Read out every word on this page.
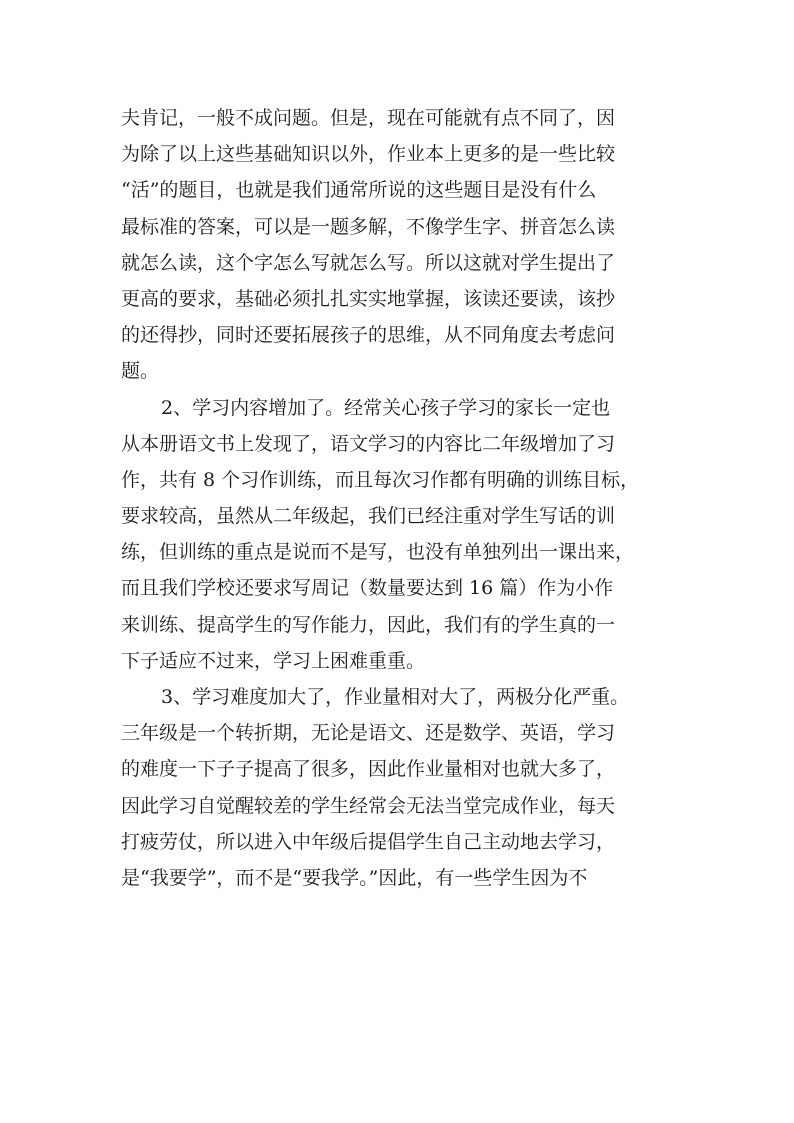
夫肯记，一般不成问题。但是，现在可能就有点不同了，因
为除了以上这些基础知识以外，作业本上更多的是一些比较
“活”的题目，也就是我们通常所说的这些题目是没有什么
最标准的答案，可以是一题多解，不像学生字、拼音怎么读
就怎么读，这个字怎么写就怎么写。所以这就对学生提出了
更高的要求，基础必须扎扎实实地掌握，该读还要读，该抄
的还得抄，同时还要拓展孩子的思维，从不同角度去考虑问
题。
2、学习内容增加了。经常关心孩子学习的家长一定也
从本册语文书上发现了，语文学习的内容比二年级增加了习
作，共有 8 个习作训练，而且每次习作都有明确的训练目标，
要求较高，虽然从二年级起，我们已经注重对学生写话的训
练，但训练的重点是说而不是写，也没有单独列出一课出来，
而且我们学校还要求写周记（数量要达到 16 篇）作为小作
来训练、提高学生的写作能力，因此，我们有的学生真的一
下子适应不过来，学习上困难重重。
3、学习难度加大了，作业量相对大了，两极分化严重。
三年级是一个转折期，无论是语文、还是数学、英语，学习
的难度一下子子提高了很多，因此作业量相对也就大多了，
因此学习自觉醒较差的学生经常会无法当堂完成作业，每天
打疲劳仗，所以进入中年级后提倡学生自己主动地去学习，
是“我要学”，而不是“要我学。”因此，有一些学生因为不
